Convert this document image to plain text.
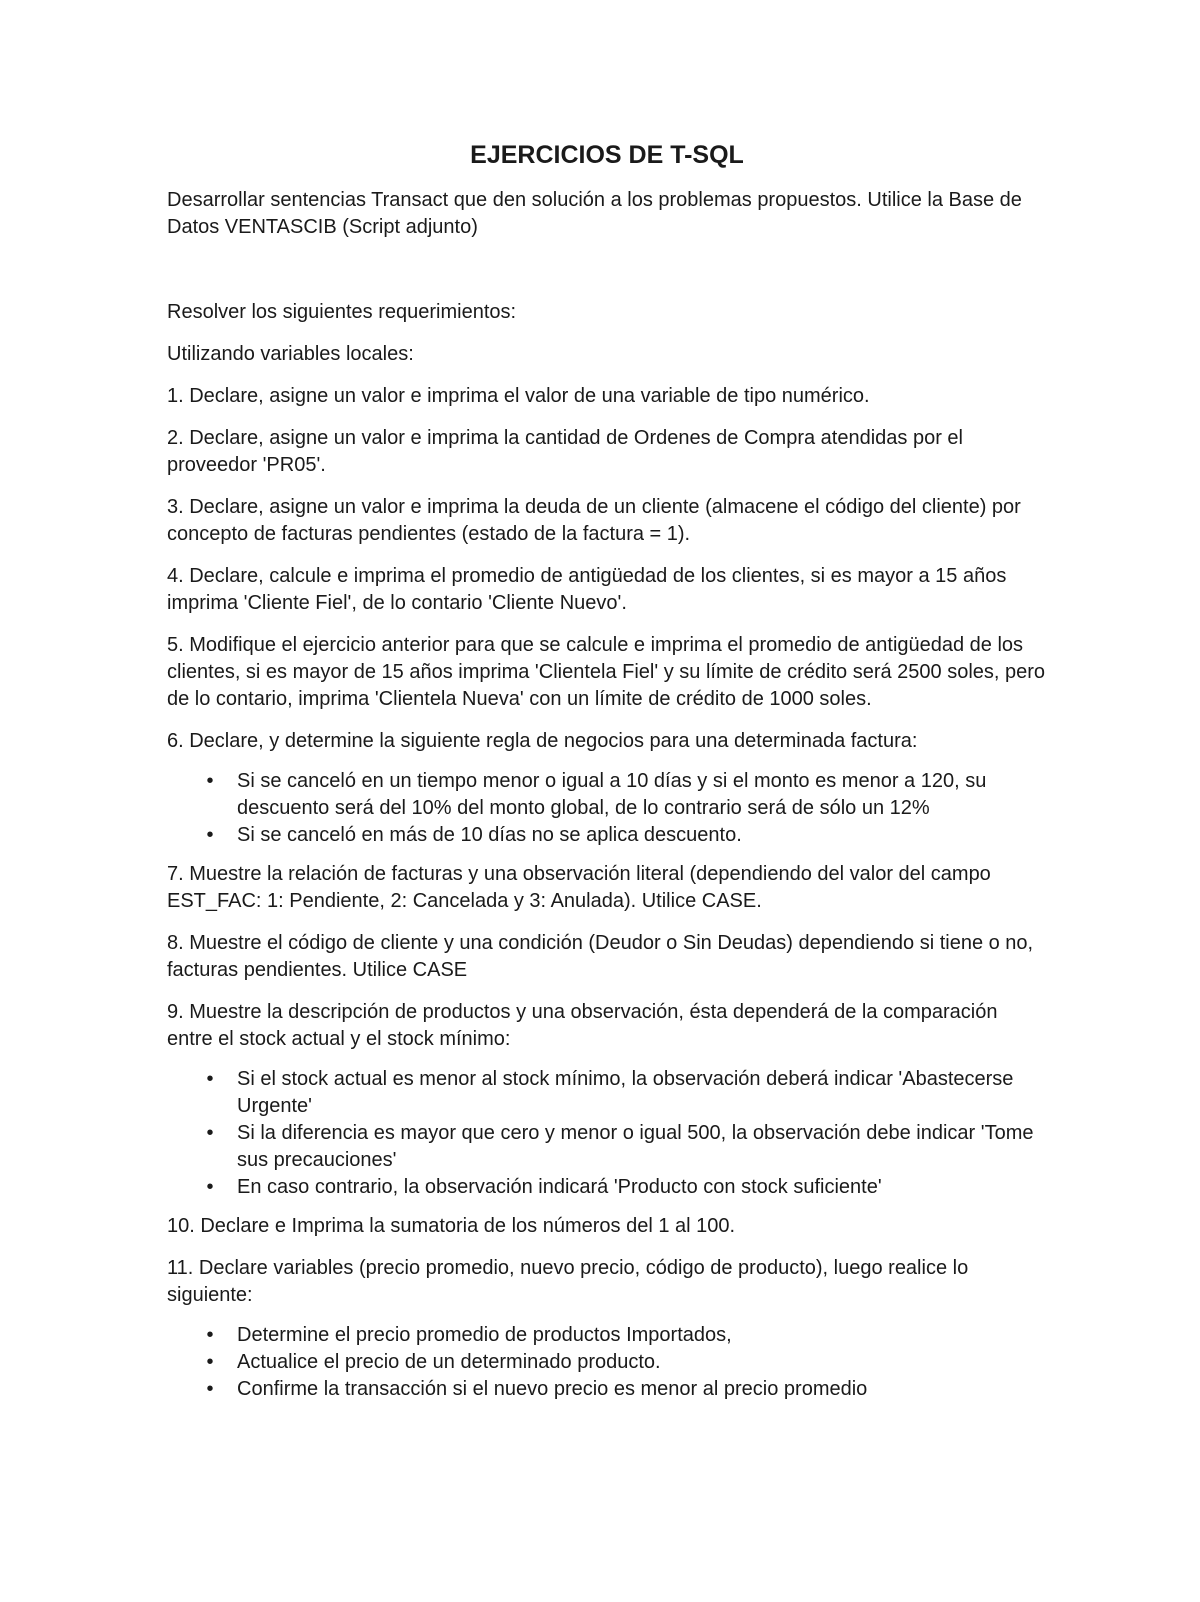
EJERCICIOS DE T-SQL

Desarrollar sentencias Transact que den solución a los problemas propuestos. Utilice la Base de Datos VENTASCIB (Script adjunto)

Resolver los siguientes requerimientos:

Utilizando variables locales:

1. Declare, asigne un valor e imprima el valor de una variable de tipo numérico.

2. Declare, asigne un valor e imprima la cantidad de Ordenes de Compra atendidas por el proveedor 'PR05'.

3. Declare, asigne un valor e imprima la deuda de un cliente (almacene el código del cliente) por concepto de facturas pendientes (estado de la factura = 1).

4. Declare, calcule e imprima el promedio de antigüedad de los clientes, si es mayor a 15 años imprima 'Cliente Fiel', de lo contario 'Cliente Nuevo'.

5. Modifique el ejercicio anterior para que se calcule e imprima el promedio de antigüedad de los clientes, si es mayor de 15 años imprima 'Clientela Fiel' y su límite de crédito será 2500 soles, pero de lo contario, imprima 'Clientela Nueva' con un límite de crédito de 1000 soles.

6. Declare, y determine la siguiente regla de negocios para una determinada factura:

• Si se canceló en un tiempo menor o igual a 10 días y si el monto es menor a 120, su descuento será del 10% del monto global, de lo contrario será de sólo un 12%
• Si se canceló en más de 10 días no se aplica descuento.

7. Muestre la relación de facturas y una observación literal (dependiendo del valor del campo EST_FAC: 1: Pendiente, 2: Cancelada y 3: Anulada). Utilice CASE.

8. Muestre el código de cliente y una condición (Deudor o Sin Deudas) dependiendo si tiene o no, facturas pendientes. Utilice CASE

9. Muestre la descripción de productos y una observación, ésta dependerá de la comparación entre el stock actual y el stock mínimo:

• Si el stock actual es menor al stock mínimo, la observación deberá indicar 'Abastecerse Urgente'
• Si la diferencia es mayor que cero y menor o igual 500, la observación debe indicar 'Tome sus precauciones'
• En caso contrario, la observación indicará 'Producto con stock suficiente'

10. Declare e Imprima la sumatoria de los números del 1 al 100.

11. Declare variables (precio promedio, nuevo precio, código de producto), luego realice lo siguiente:

• Determine el precio promedio de productos Importados,
• Actualice el precio de un determinado producto.
• Confirme la transacción si el nuevo precio es menor al precio promedio
